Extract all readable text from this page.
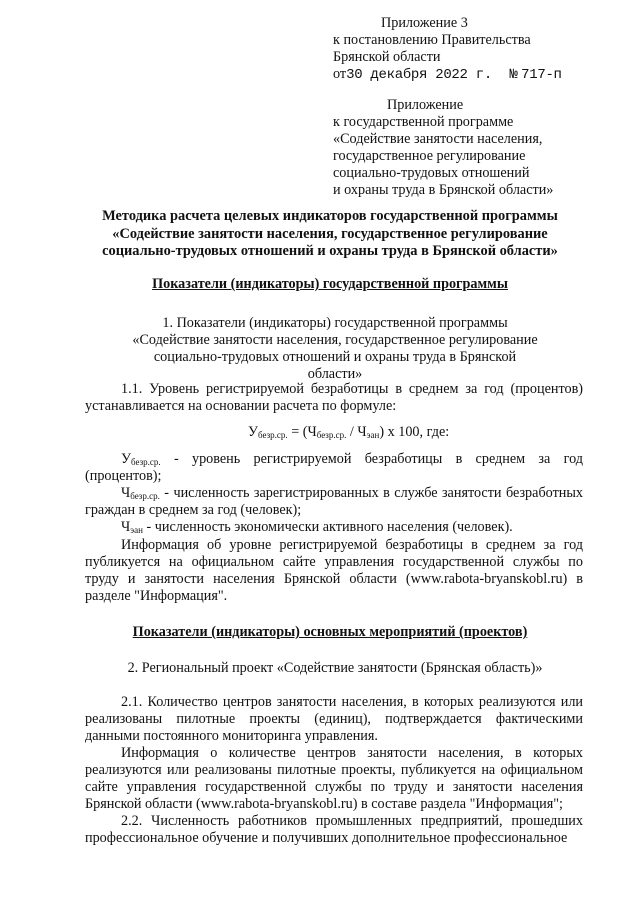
Приложение 3
к постановлению Правительства
Брянской области
от30 декабря 2022 г. № 717-п
Приложение
к государственной программе
«Содействие занятости населения,
государственное регулирование
социально-трудовых отношений
и охраны труда в Брянской области»
Методика расчета целевых индикаторов государственной программы
«Содействие занятости населения, государственное регулирование
социально-трудовых отношений и охраны труда в Брянской области»
Показатели (индикаторы) государственной программы
1. Показатели (индикаторы) государственной программы «Содействие занятости населения, государственное регулирование социально-трудовых отношений и охраны труда в Брянской области»
1.1. Уровень регистрируемой безработицы в среднем за год (процентов) устанавливается на основании расчета по формуле:
$У_{безр.ср.} = (Ч_{безр.ср.} / Ч_{эан})$ х 100, где:
$У_{безр.ср.}$ - уровень регистрируемой безработицы в среднем за год (процентов);
$Ч_{безр.ср.}$ - численность зарегистрированных в службе занятости безработных граждан в среднем за год (человек);
$Ч_{эан}$ - численность экономически активного населения (человек).
Информация об уровне регистрируемой безработицы в среднем за год публикуется на официальном сайте управления государственной службы по труду и занятости населения Брянской области (www.rabota-bryanskobl.ru) в разделе "Информация".
Показатели (индикаторы) основных мероприятий (проектов)
2. Региональный проект «Содействие занятости (Брянская область)»
2.1. Количество центров занятости населения, в которых реализуются или реализованы пилотные проекты (единиц), подтверждается фактическими данными постоянного мониторинга управления.
Информация о количестве центров занятости населения, в которых реализуются или реализованы пилотные проекты, публикуется на официальном сайте управления государственной службы по труду и занятости населения Брянской области (www.rabota-bryanskobl.ru) в составе раздела "Информация";
2.2. Численность работников промышленных предприятий, прошедших профессиональное обучение и получивших дополнительное профессиональное
